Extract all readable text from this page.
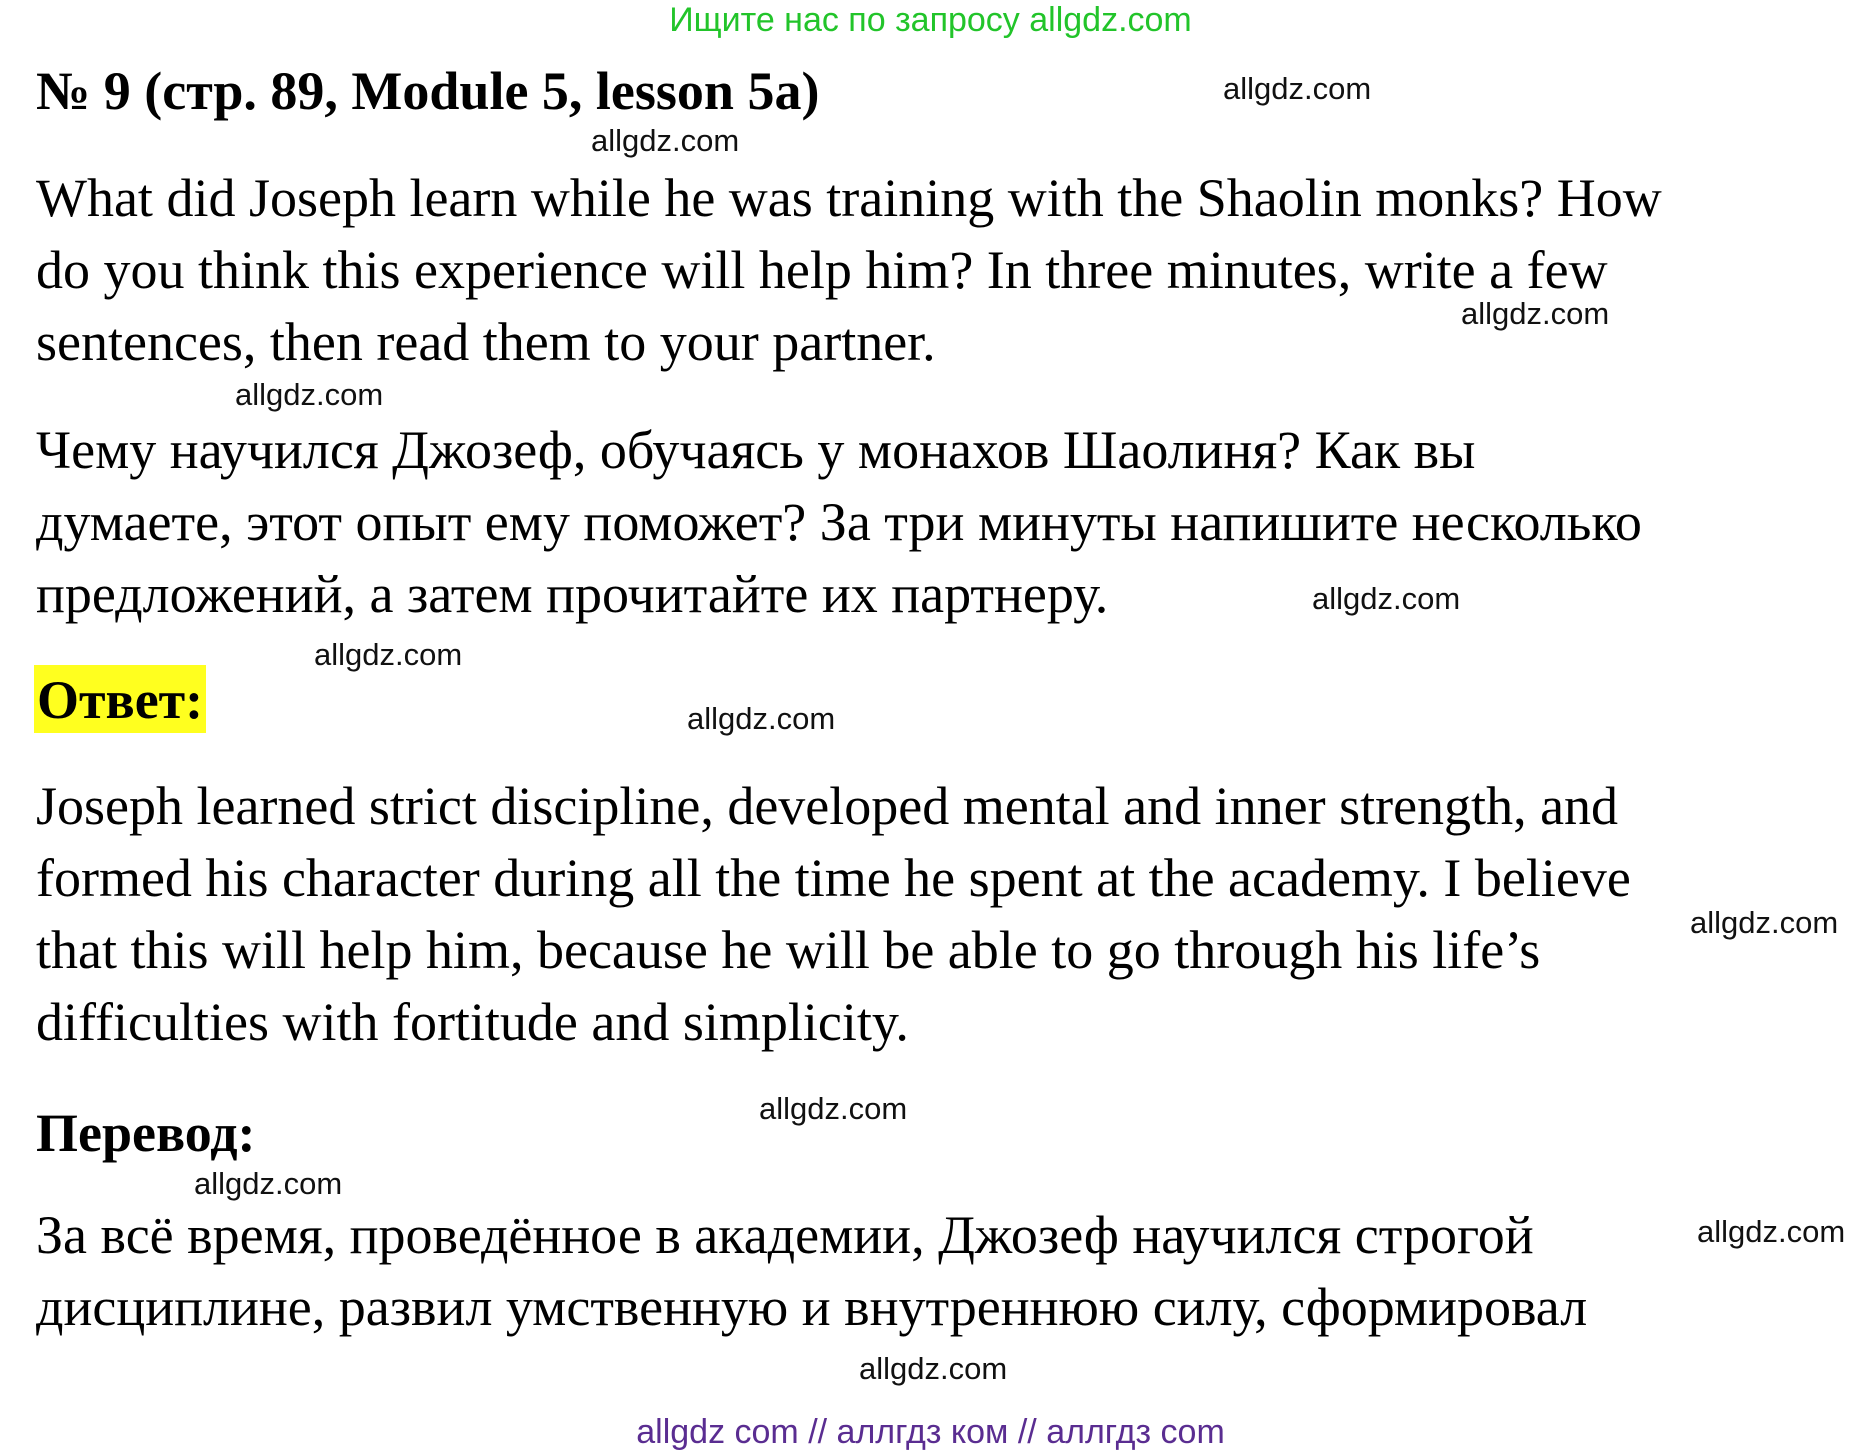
Ищите нас по запросу allgdz.com
№ 9 (стр. 89, Module 5, lesson 5a)
What did Joseph learn while he was training with the Shaolin monks? How
do you think this experience will help him? In three minutes, write a few
sentences, then read them to your partner.
Чему научился Джозеф, обучаясь у монахов Шаолиня? Как вы
думаете, этот опыт ему поможет? За три минуты напишите несколько
предложений, а затем прочитайте их партнеру.
Ответ:
Joseph learned strict discipline, developed mental and inner strength, and
formed his character during all the time he spent at the academy. I believe
that this will help him, because he will be able to go through his life’s
difficulties with fortitude and simplicity.
Перевод:
За всё время, проведённое в академии, Джозеф научился строгой
дисциплине, развил умственную и внутреннюю силу, сформировал
allgdz.com
allgdz.com
allgdz.com
allgdz.com
allgdz.com
allgdz.com
allgdz.com
allgdz.com
allgdz.com
allgdz.com
allgdz.com
allgdz.com
allgdz com // аллгдз ком // аллгдз com
